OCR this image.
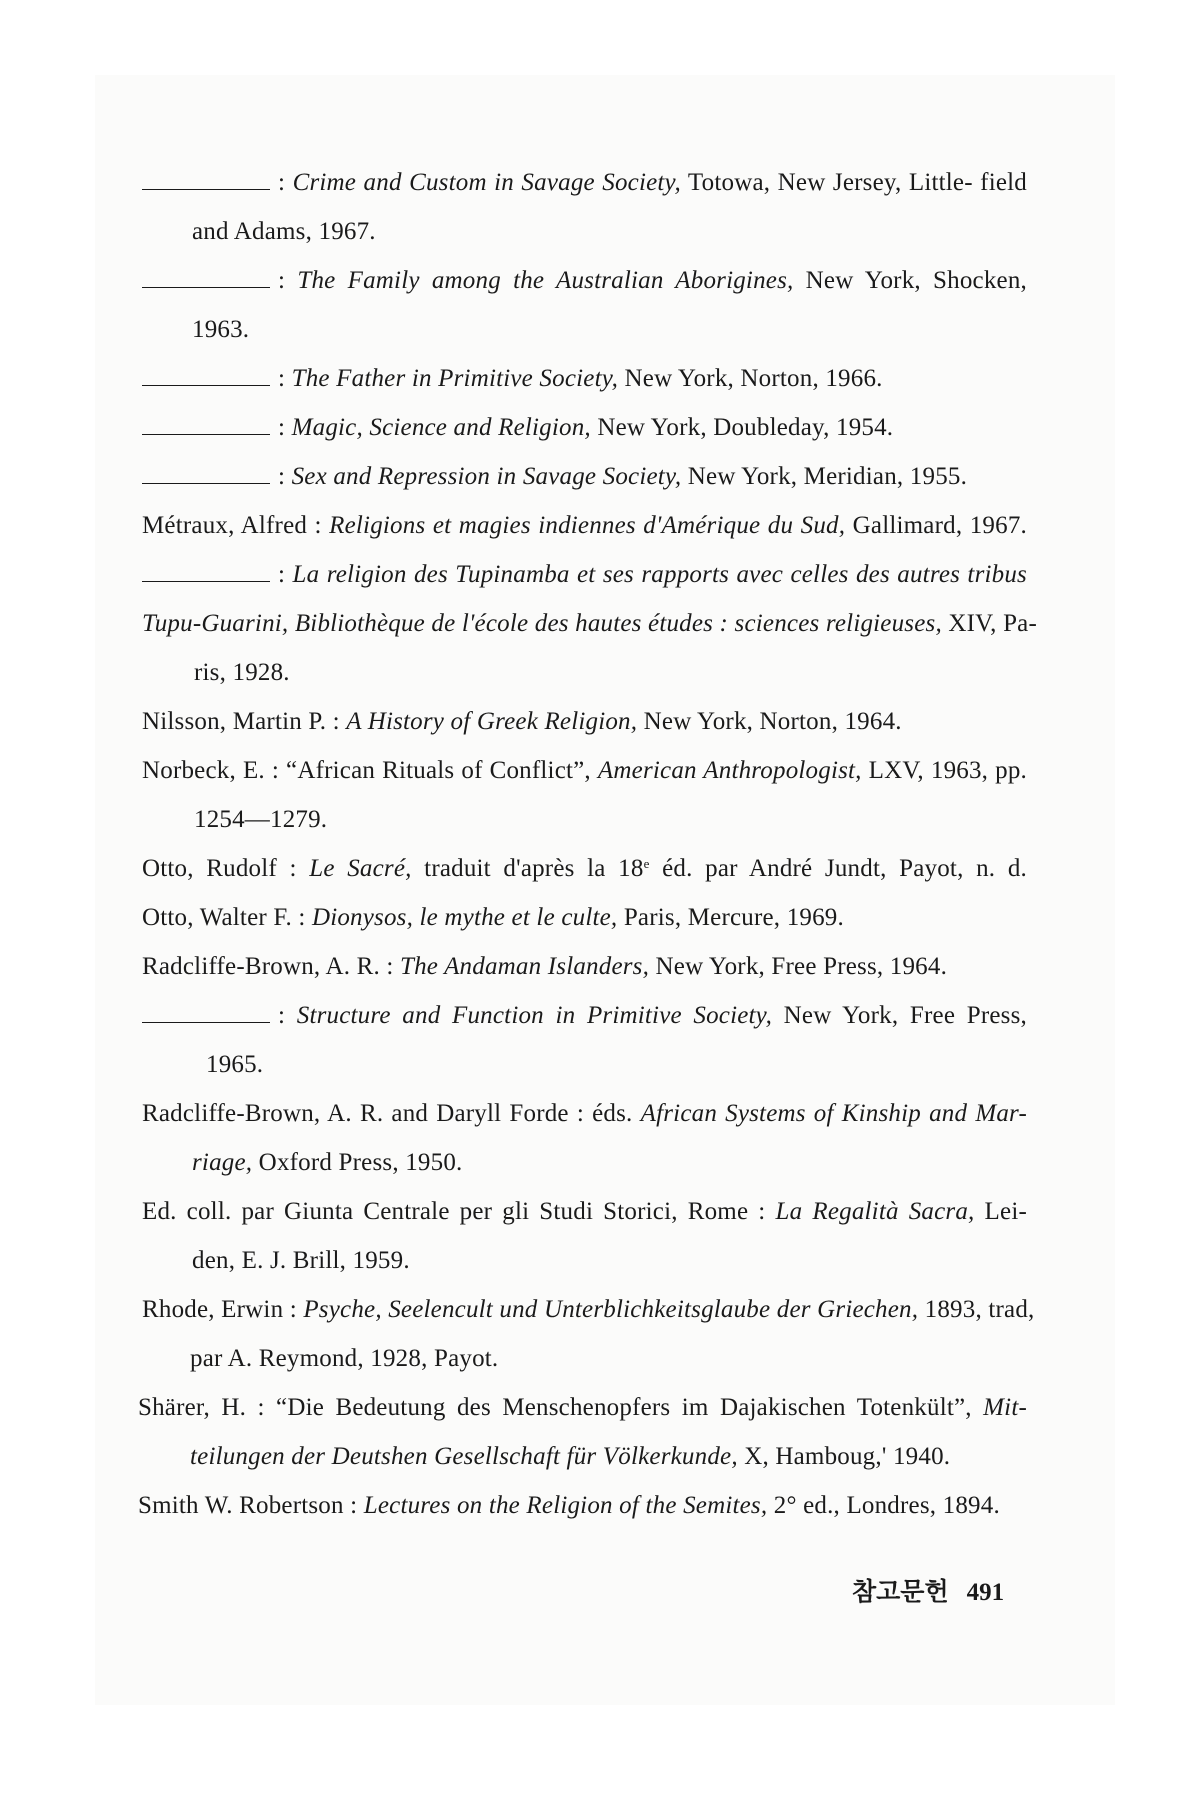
: Crime and Custom in Savage Society, Totowa, New Jersey, Little- field
and Adams, 1967.
: The Family among the Australian Aborigines, New York, Shocken,
1963.
: The Father in Primitive Society, New York, Norton, 1966.
: Magic, Science and Religion, New York, Doubleday, 1954.
: Sex and Repression in Savage Society, New York, Meridian, 1955.
Métraux, Alfred : Religions et magies indiennes d'Amérique du Sud, Gallimard, 1967.
: La religion des Tupinamba et ses rapports avec celles des autres tribus
Tupu-Guarini, Bibliothèque de l'école des hautes études : sciences religieuses, XIV, Pa-
ris, 1928.
Nilsson, Martin P. : A History of Greek Religion, New York, Norton, 1964.
Norbeck, E. : “African Rituals of Conflict”, American Anthropologist, LXV, 1963, pp.
1254—1279.
Otto, Rudolf : Le Sacré, traduit d'après la 18e éd. par André Jundt, Payot, n. d.
Otto, Walter F. : Dionysos, le mythe et le culte, Paris, Mercure, 1969.
Radcliffe-Brown, A. R. : The Andaman Islanders, New York, Free Press, 1964.
: Structure and Function in Primitive Society, New York, Free Press,
1965.
Radcliffe-Brown, A. R. and Daryll Forde : éds. African Systems of Kinship and Mar-
riage, Oxford Press, 1950.
Ed. coll. par Giunta Centrale per gli Studi Storici, Rome : La Regalità Sacra, Lei-
den, E. J. Brill, 1959.
Rhode, Erwin : Psyche, Seelencult und Unterblichkeitsglaube der Griechen, 1893, trad,
par A. Reymond, 1928, Payot.
Shärer, H. : “Die Bedeutung des Menschenopfers im Dajakischen Totenkült”, Mit-
teilungen der Deutshen Gesellschaft für Völkerkunde, X, Hamboug,' 1940.
Smith W. Robertson : Lectures on the Religion of the Semites, 2° ed., Londres, 1894.
참고문헌 491
